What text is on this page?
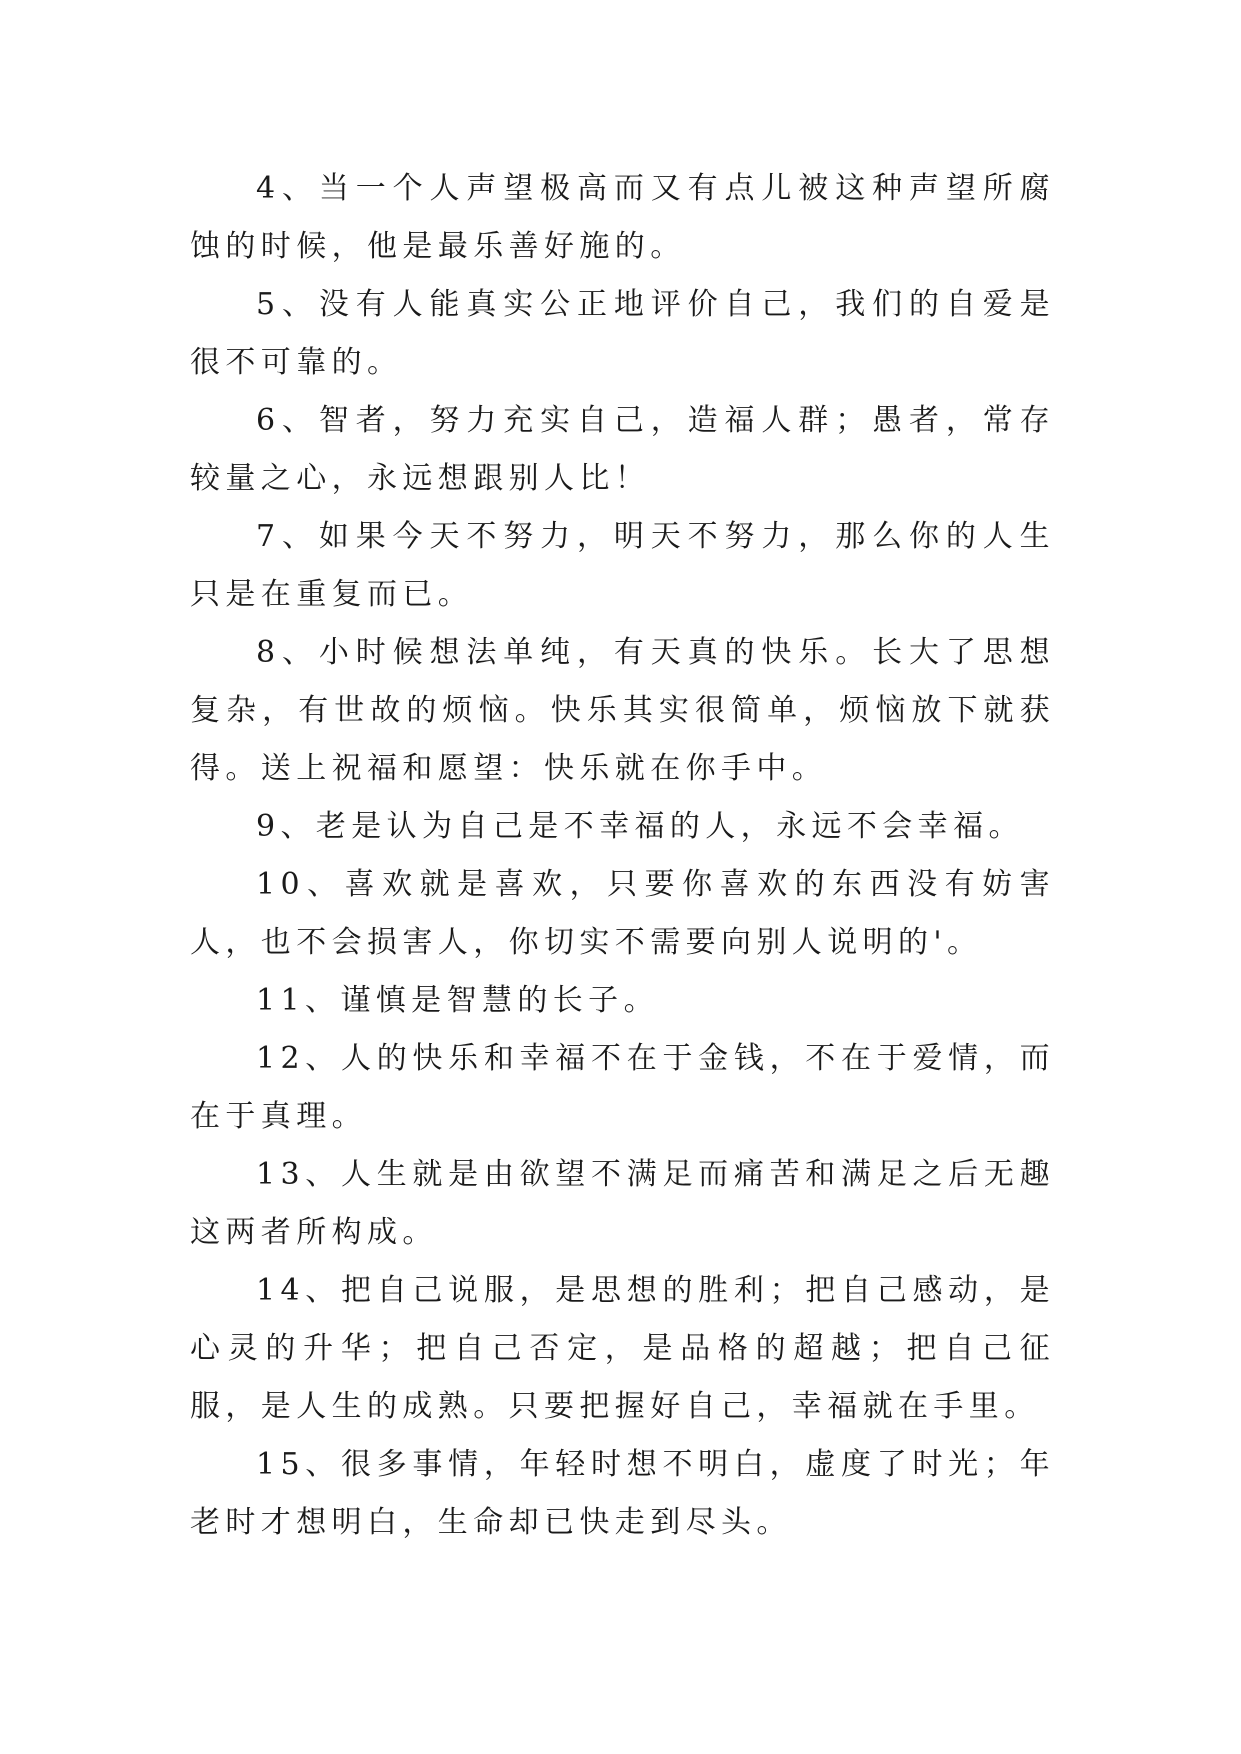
4、当一个人声望极高而又有点儿被这种声望所腐蚀的时候，他是最乐善好施的。

5、没有人能真实公正地评价自己，我们的自爱是很不可靠的。

6、智者，努力充实自己，造福人群；愚者，常存较量之心，永远想跟别人比！

7、如果今天不努力，明天不努力，那么你的人生只是在重复而已。

8、小时候想法单纯，有天真的快乐。长大了思想复杂，有世故的烦恼。快乐其实很简单，烦恼放下就获得。送上祝福和愿望：快乐就在你手中。

9、老是认为自己是不幸福的人，永远不会幸福。

10、喜欢就是喜欢，只要你喜欢的东西没有妨害人，也不会损害人，你切实不需要向别人说明的'。

11、谨慎是智慧的长子。

12、人的快乐和幸福不在于金钱，不在于爱情，而在于真理。

13、人生就是由欲望不满足而痛苦和满足之后无趣这两者所构成。

14、把自己说服，是思想的胜利；把自己感动，是心灵的升华；把自己否定，是品格的超越；把自己征服，是人生的成熟。只要把握好自己，幸福就在手里。

15、很多事情，年轻时想不明白，虚度了时光；年老时才想明白，生命却已快走到尽头。
